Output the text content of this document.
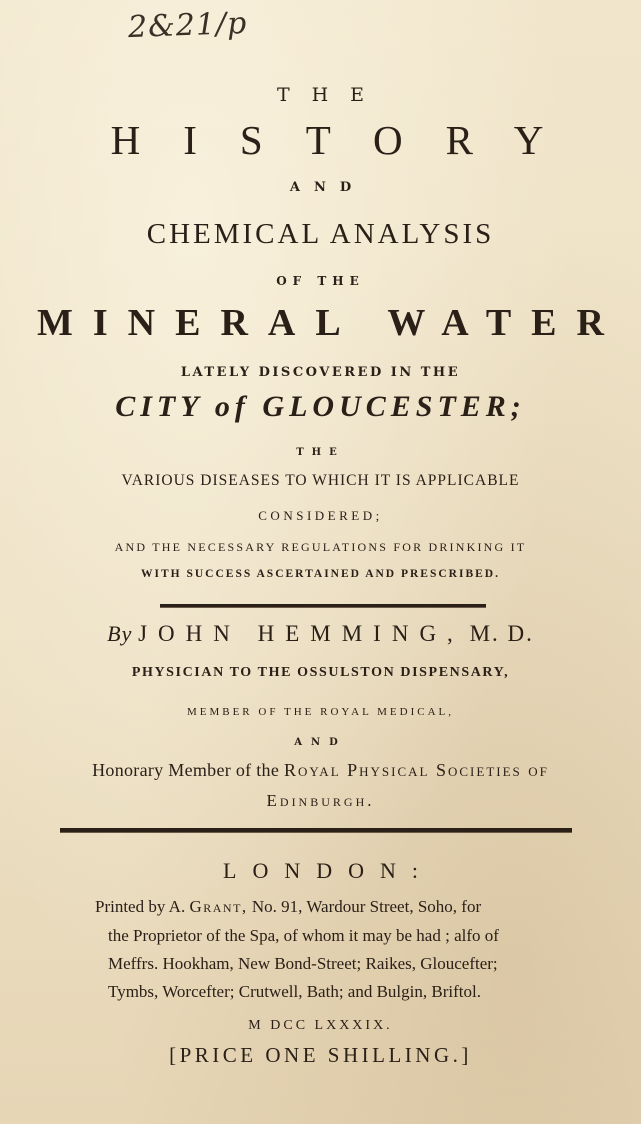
2&21/p
THE
HISTORY
AND
CHEMICAL ANALYSIS
OF THE
MINERAL WATER
LATELY DISCOVERED IN THE
CITY of GLOUCESTER;
THE
VARIOUS DISEASES TO WHICH IT IS APPLICABLE
CONSIDERED;
AND THE NECESSARY REGULATIONS FOR DRINKING IT
WITH SUCCESS ASCERTAINED AND PRESCRIBED.
By JOHN HEMMING, M. D.
PHYSICIAN TO THE OSSULSTON DISPENSARY,
MEMBER OF THE ROYAL MEDICAL,
AND
Honorary Member of the Royal Physical Societies of
Edinburgh.
LONDON:
Printed by A. Grant, No. 91, Wardour Street, Soho, for
the Proprietor of the Spa, of whom it may be had ; alfo of
Meffrs. Hookham, New Bond-Street; Raikes, Gloucefter;
Tymbs, Worcefter; Crutwell, Bath; and Bulgin, Briftol.
M DCC LXXXIX.
[PRICE ONE SHILLING.]
